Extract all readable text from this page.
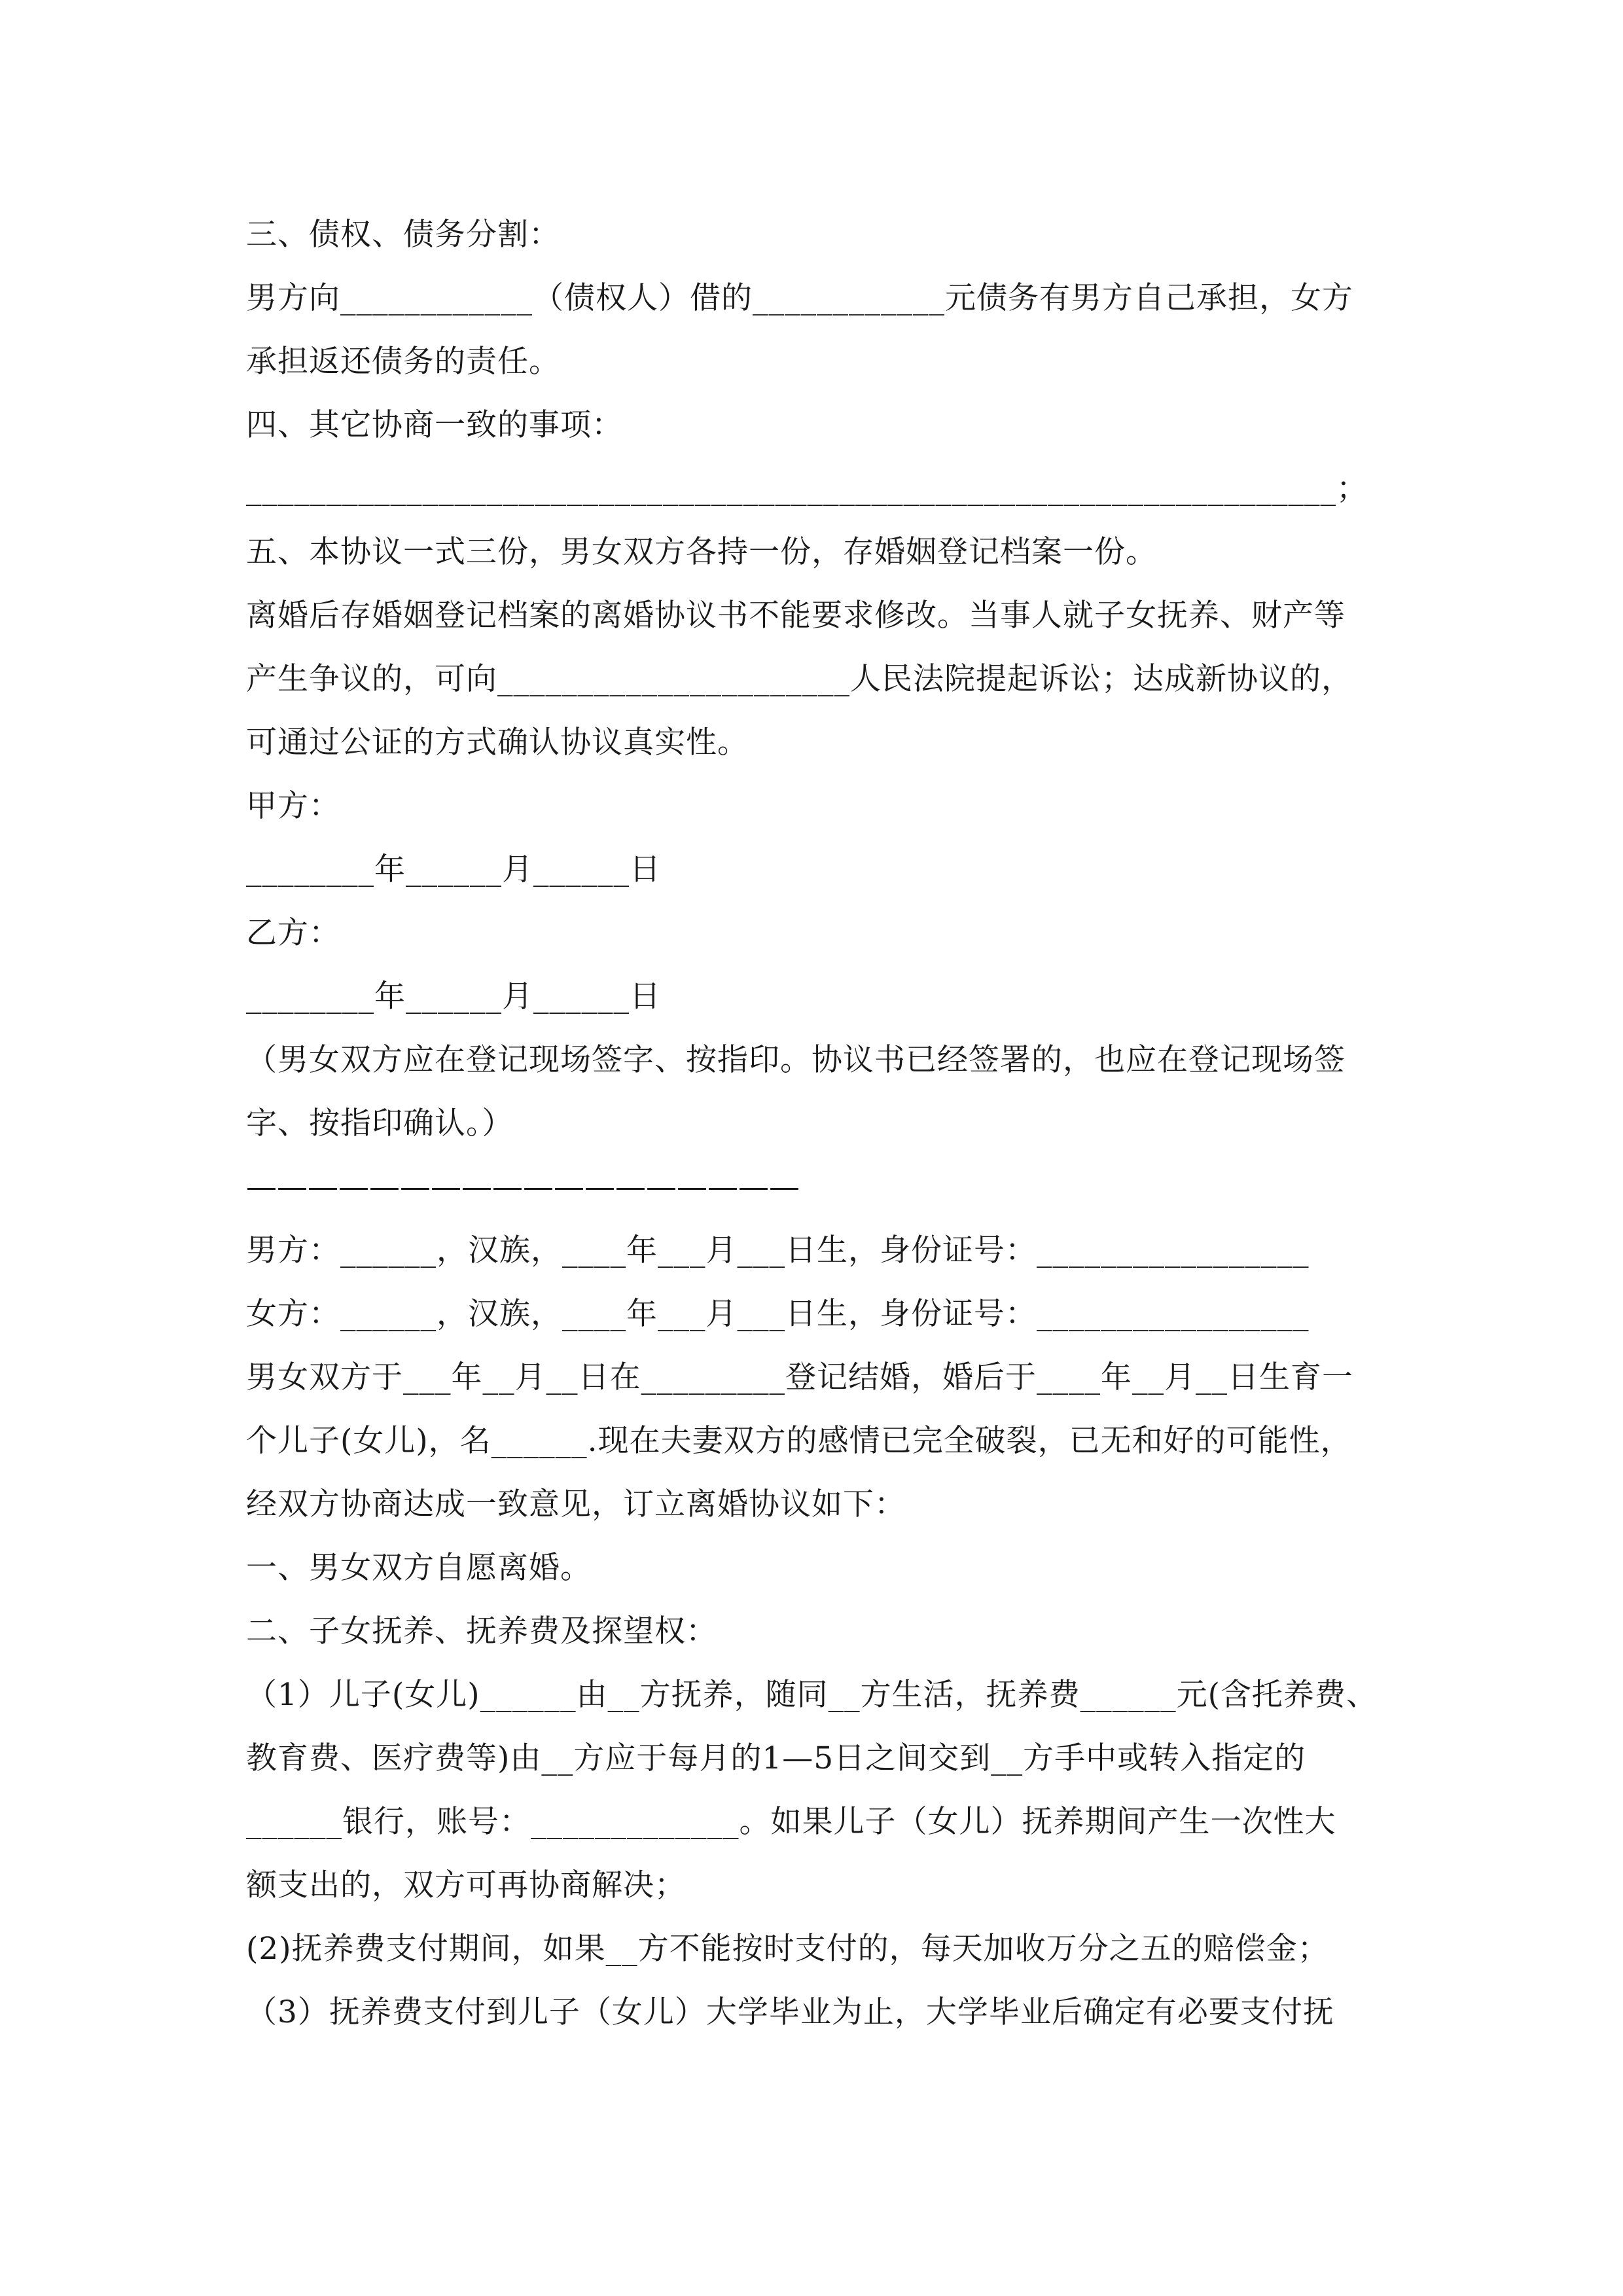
三、债权、债务分割：
男方向____________（债权人）借的____________元债务有男方自己承担，女方
承担返还债务的责任。
四、其它协商一致的事项：
____________________________________________________________________；
五、本协议一式三份，男女双方各持一份，存婚姻登记档案一份。
离婚后存婚姻登记档案的离婚协议书不能要求修改。当事人就子女抚养、财产等
产生争议的，可向______________________人民法院提起诉讼；达成新协议的，
可通过公证的方式确认协议真实性。
甲方：
________年______月______日
乙方：
________年______月______日
（男女双方应在登记现场签字、按指印。协议书已经签署的，也应在登记现场签
字、按指印确认。）
——————————————————
男方：______，汉族，____年___月___日生，身份证号：_________________
女方：______，汉族，____年___月___日生，身份证号：_________________
男女双方于___年__月__日在_________登记结婚，婚后于____年__月__日生育一
个儿子(女儿)，名______.现在夫妻双方的感情已完全破裂，已无和好的可能性，
经双方协商达成一致意见，订立离婚协议如下：
一、男女双方自愿离婚。
二、子女抚养、抚养费及探望权：
（1）儿子(女儿)______由__方抚养，随同__方生活，抚养费______元(含托养费、
教育费、医疗费等)由__方应于每月的1—5日之间交到__方手中或转入指定的
______银行，账号：_____________。如果儿子（女儿）抚养期间产生一次性大
额支出的，双方可再协商解决；
(2)抚养费支付期间，如果__方不能按时支付的，每天加收万分之五的赔偿金；
（3）抚养费支付到儿子（女儿）大学毕业为止，大学毕业后确定有必要支付抚
